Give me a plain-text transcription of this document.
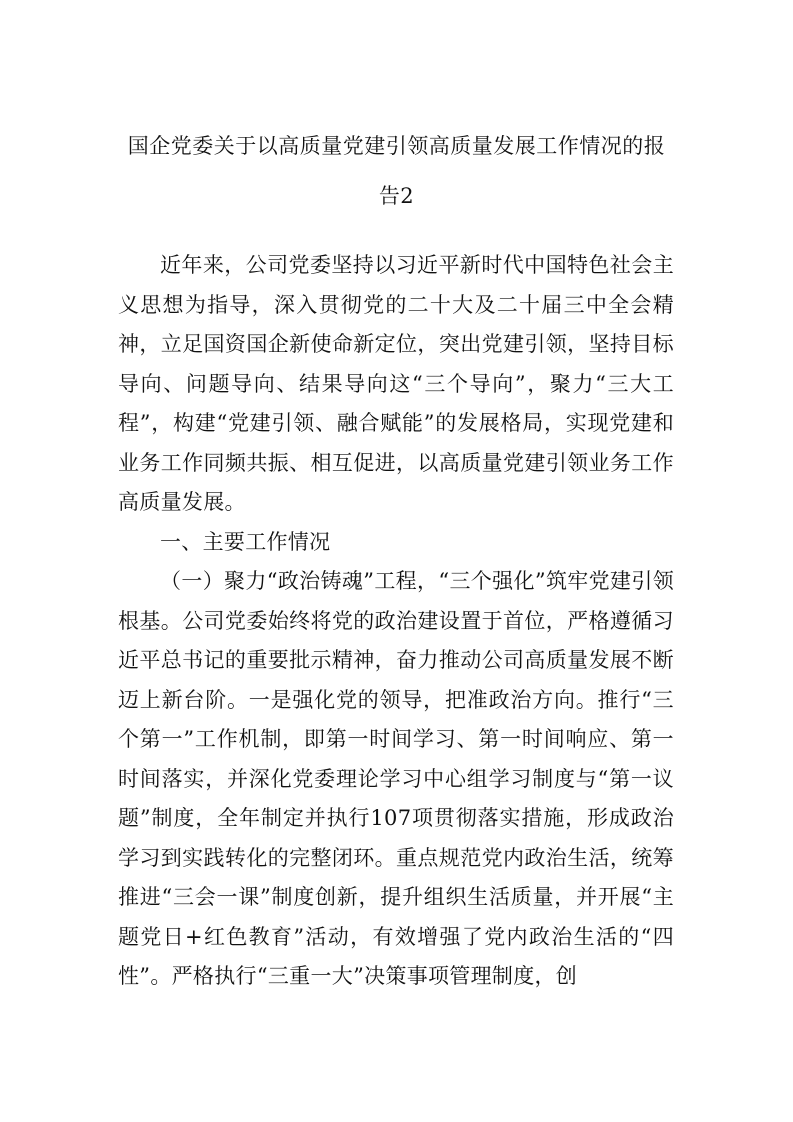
国企党委关于以高质量党建引领高质量发展工作情况的报
告2

近年来，公司党委坚持以习近平新时代中国特色社会主义思想为指导，深入贯彻党的二十大及二十届三中全会精神，立足国资国企新使命新定位，突出党建引领，坚持目标导向、问题导向、结果导向这“三个导向”，聚力“三大工程”，构建“党建引领、融合赋能”的发展格局，实现党建和业务工作同频共振、相互促进，以高质量党建引领业务工作高质量发展。

一、主要工作情况

（一）聚力“政治铸魂”工程，“三个强化”筑牢党建引领根基。公司党委始终将党的政治建设置于首位，严格遵循习近平总书记的重要批示精神，奋力推动公司高质量发展不断迈上新台阶。一是强化党的领导，把准政治方向。推行“三个第一”工作机制，即第一时间学习、第一时间响应、第一时间落实，并深化党委理论学习中心组学习制度与“第一议题”制度，全年制定并执行107项贯彻落实措施，形成政治学习到实践转化的完整闭环。重点规范党内政治生活，统筹推进“三会一课”制度创新，提升组织生活质量，并开展“主题党日+红色教育”活动，有效增强了党内政治生活的“四性”。严格执行“三重一大”决策事项管理制度，创
